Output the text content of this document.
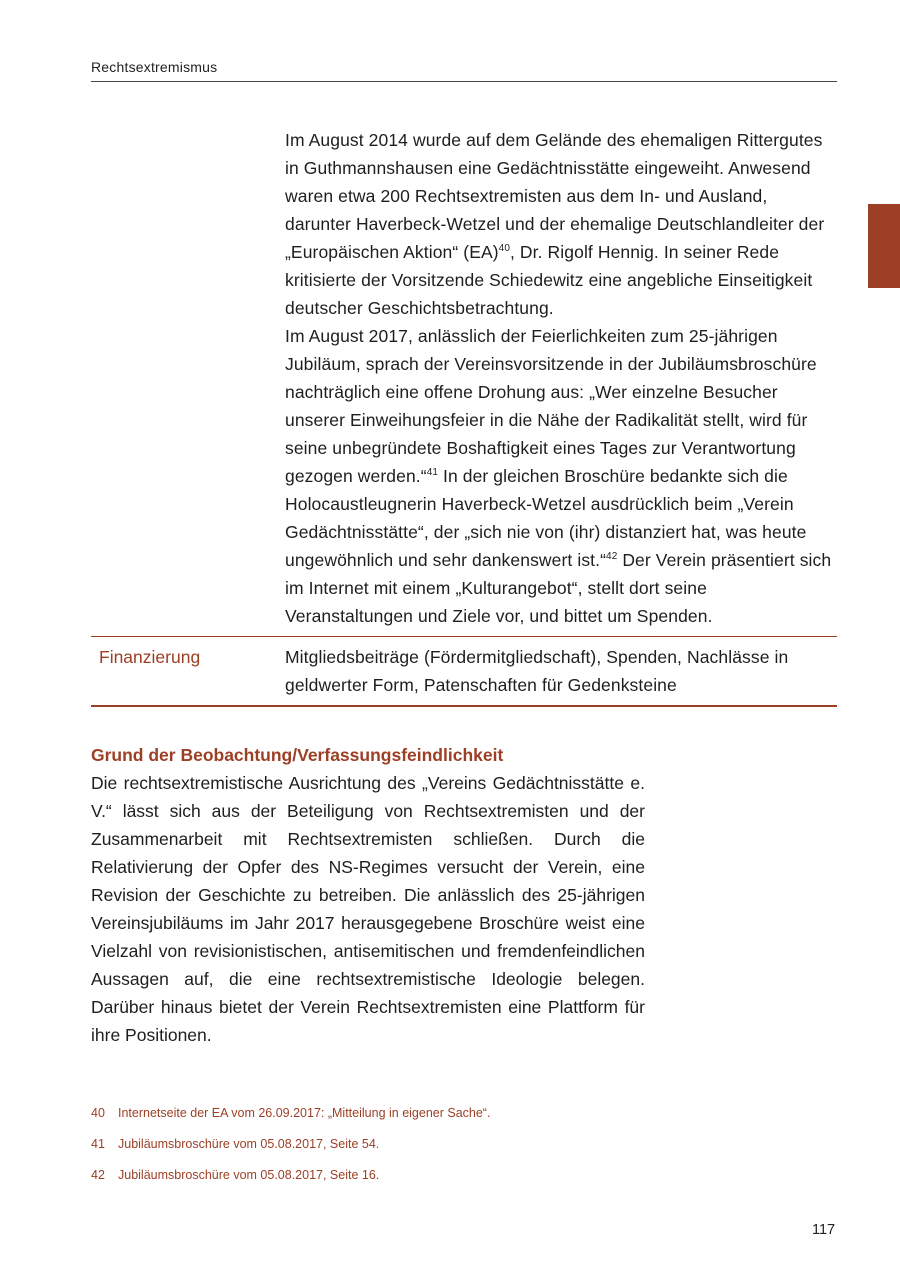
Rechtsextremismus

Im August 2014 wurde auf dem Gelände des ehemaligen Rittergutes in Guthmannshausen eine Gedächtnisstätte eingeweiht. Anwesend waren etwa 200 Rechtsextremisten aus dem In- und Ausland, darunter Haverbeck-Wetzel und der ehemalige Deutschlandleiter der „Europäischen Aktion“ (EA)$^{40}$, Dr. Rigolf Hennig. In seiner Rede kritisierte der Vorsitzende Schiedewitz eine angebliche Einseitigkeit deutscher Geschichtsbetrachtung.

Im August 2017, anlässlich der Feierlichkeiten zum 25-jährigen Jubiläum, sprach der Vereinsvorsitzende in der Jubiläumsbroschüre nachträglich eine offene Drohung aus: „Wer einzelne Besucher unserer Einweihungsfeier in die Nähe der Radikalität stellt, wird für seine unbegründete Boshaftigkeit eines Tages zur Verantwortung gezogen werden.“$^{41}$ In der gleichen Broschüre bedankte sich die Holocaustleugnerin Haverbeck-Wetzel ausdrücklich beim „Verein Gedächtnisstätte“, der „sich nie von (ihr) distanziert hat, was heute ungewöhnlich und sehr dankenswert ist.“$^{42}$ Der Verein präsentiert sich im Internet mit einem „Kulturangebot“, stellt dort seine Veranstaltungen und Ziele vor, und bittet um Spenden.

Finanzierung	Mitgliedsbeiträge (Fördermitgliedschaft), Spenden, Nachlässe in geldwerter Form, Patenschaften für Gedenksteine
Grund der Beobachtung/Verfassungsfeindlichkeit

Die rechtsextremistische Ausrichtung des „Vereins Gedächtnisstätte e. V.“ lässt sich aus der Beteiligung von Rechtsextremisten und der Zusammenarbeit mit Rechtsextremisten schließen. Durch die Relativierung der Opfer des NS-Regimes versucht der Verein, eine Revision der Geschichte zu betreiben. Die anlässlich des 25-jährigen Vereinsjubiläums im Jahr 2017 herausgegebene Broschüre weist eine Vielzahl von revisionistischen, antisemitischen und fremdenfeindlichen Aussagen auf, die eine rechtsextremistische Ideologie belegen. Darüber hinaus bietet der Verein Rechtsextremisten eine Plattform für ihre Positionen.

40	Internetseite der EA vom 26.09.2017: „Mitteilung in eigener Sache“.
41	Jubiläumsbroschüre vom 05.08.2017, Seite 54.
42	Jubiläumsbroschüre vom 05.08.2017, Seite 16.
117
